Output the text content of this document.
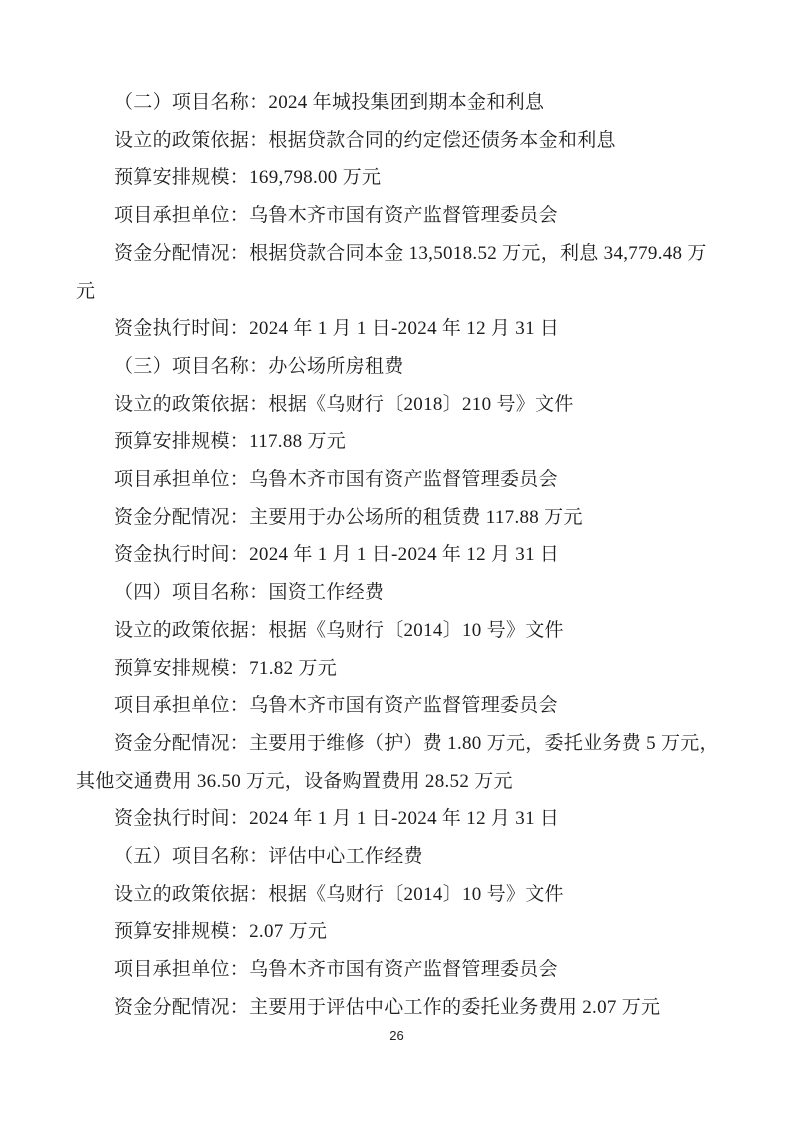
（二）项目名称：2024 年城投集团到期本金和利息
设立的政策依据：根据贷款合同的约定偿还债务本金和利息
预算安排规模：169,798.00 万元
项目承担单位：乌鲁木齐市国有资产监督管理委员会
资金分配情况：根据贷款合同本金 13,5018.52 万元，利息 34,779.48 万
元
资金执行时间：2024 年 1 月 1 日-2024 年 12 月 31 日
（三）项目名称：办公场所房租费
设立的政策依据：根据《乌财行〔2018〕210 号》文件
预算安排规模：117.88 万元
项目承担单位：乌鲁木齐市国有资产监督管理委员会
资金分配情况：主要用于办公场所的租赁费 117.88 万元
资金执行时间：2024 年 1 月 1 日-2024 年 12 月 31 日
（四）项目名称：国资工作经费
设立的政策依据：根据《乌财行〔2014〕10 号》文件
预算安排规模：71.82 万元
项目承担单位：乌鲁木齐市国有资产监督管理委员会
资金分配情况：主要用于维修（护）费 1.80 万元，委托业务费 5 万元，
其他交通费用 36.50 万元，设备购置费用 28.52 万元
资金执行时间：2024 年 1 月 1 日-2024 年 12 月 31 日
（五）项目名称：评估中心工作经费
设立的政策依据：根据《乌财行〔2014〕10 号》文件
预算安排规模：2.07 万元
项目承担单位：乌鲁木齐市国有资产监督管理委员会
资金分配情况：主要用于评估中心工作的委托业务费用 2.07 万元
26
